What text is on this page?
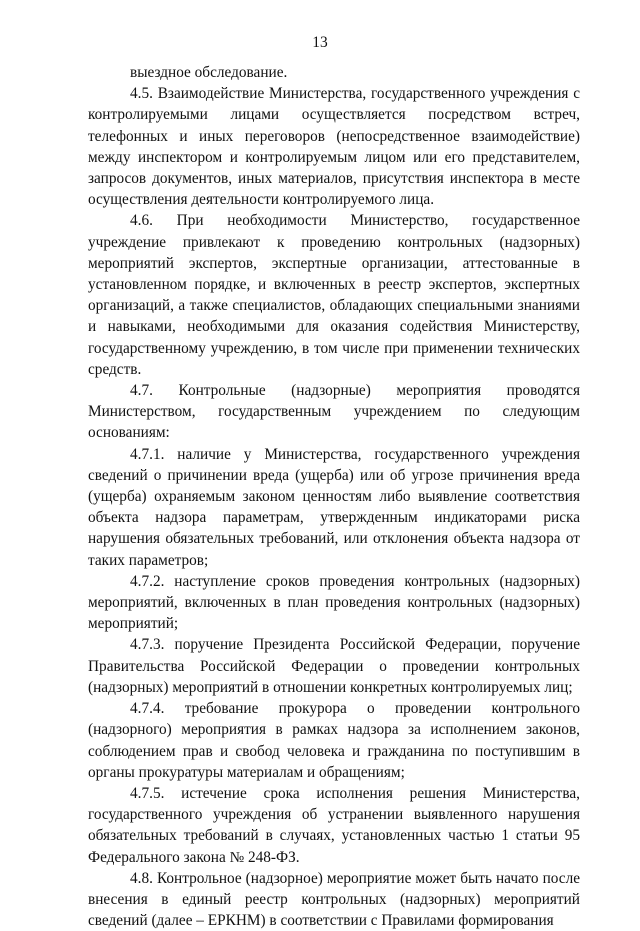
13

выездное обследование.

4.5. Взаимодействие Министерства, государственного учреждения с контролируемыми лицами осуществляется посредством встреч, телефонных и иных переговоров (непосредственное взаимодействие) между инспектором и контролируемым лицом или его представителем, запросов документов, иных материалов, присутствия инспектора в месте осуществления деятельности контролируемого лица.

4.6. При необходимости Министерство, государственное учреждение привлекают к проведению контрольных (надзорных) мероприятий экспертов, экспертные организации, аттестованные в установленном порядке, и включенных в реестр экспертов, экспертных организаций, а также специалистов, обладающих специальными знаниями и навыками, необходимыми для оказания содействия Министерству, государственному учреждению, в том числе при применении технических средств.

4.7. Контрольные (надзорные) мероприятия проводятся Министерством, государственным учреждением по следующим основаниям:

4.7.1. наличие у Министерства, государственного учреждения сведений о причинении вреда (ущерба) или об угрозе причинения вреда (ущерба) охраняемым законом ценностям либо выявление соответствия объекта надзора параметрам, утвержденным индикаторами риска нарушения обязательных требований, или отклонения объекта надзора от таких параметров;

4.7.2. наступление сроков проведения контрольных (надзорных) мероприятий, включенных в план проведения контрольных (надзорных) мероприятий;

4.7.3. поручение Президента Российской Федерации, поручение Правительства Российской Федерации о проведении контрольных (надзорных) мероприятий в отношении конкретных контролируемых лиц;

4.7.4. требование прокурора о проведении контрольного (надзорного) мероприятия в рамках надзора за исполнением законов, соблюдением прав и свобод человека и гражданина по поступившим в органы прокуратуры материалам и обращениям;

4.7.5. истечение срока исполнения решения Министерства, государственного учреждения об устранении выявленного нарушения обязательных требований в случаях, установленных частью 1 статьи 95 Федерального закона № 248-ФЗ.

4.8. Контрольное (надзорное) мероприятие может быть начато после внесения в единый реестр контрольных (надзорных) мероприятий сведений (далее – ЕРКНМ) в соответствии с Правилами формирования
